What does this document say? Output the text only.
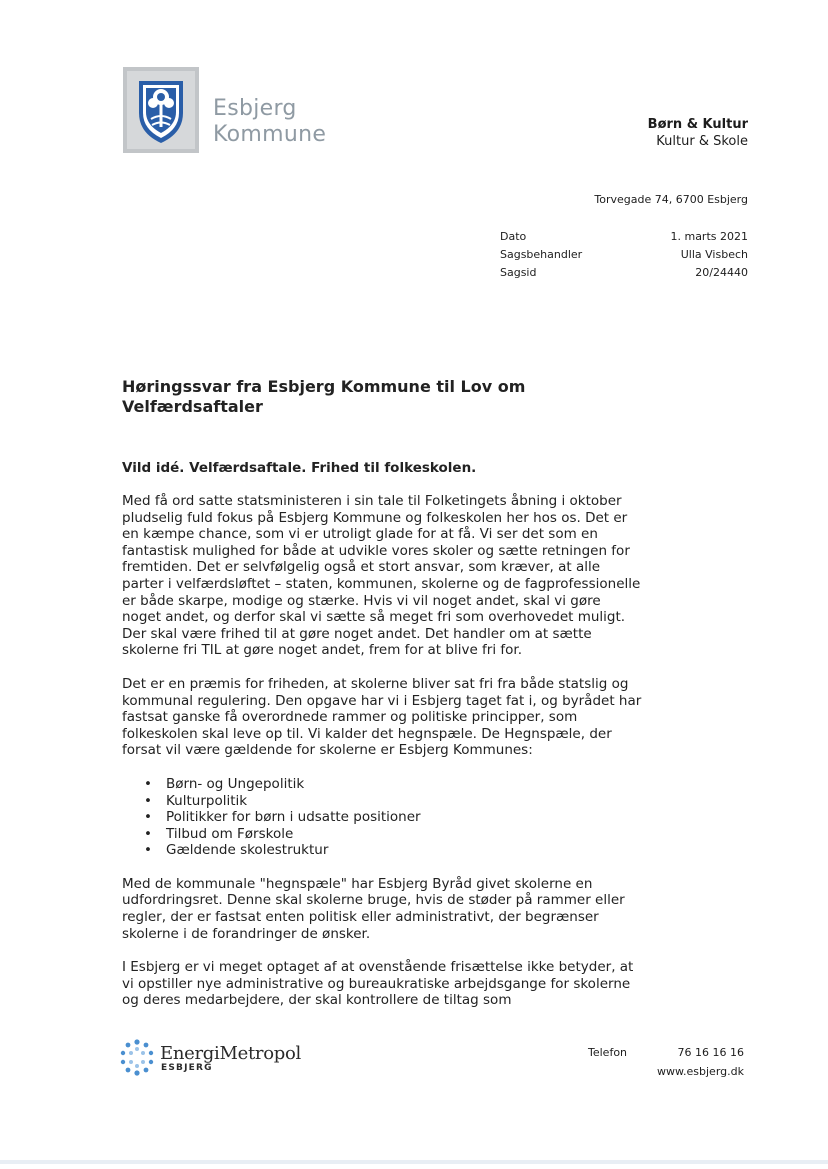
Esbjerg
Kommune	Børn & Kultur
Kultur & Skole
Torvegade 74, 6700 Esbjerg
Dato	1. marts 2021
Sagsbehandler	Ulla Visbech
Sagsid	20/24440
Høringssvar fra Esbjerg Kommune til Lov om Velfærdsaftaler
Vild idé. Velfærdsaftale. Frihed til folkeskolen.

Med få ord satte statsministeren i sin tale til Folketingets åbning i oktober pludselig fuld fokus på Esbjerg Kommune og folkeskolen her hos os. Det er en kæmpe chance, som vi er utroligt glade for at få. Vi ser det som en fantastisk mulighed for både at udvikle vores skoler og sætte retningen for fremtiden. Det er selvfølgelig også et stort ansvar, som kræver, at alle parter i velfærdsløftet – staten, kommunen, skolerne og de fagprofessionelle er både skarpe, modige og stærke. Hvis vi vil noget andet, skal vi gøre noget andet, og derfor skal vi sætte så meget fri som overhovedet muligt. Der skal være frihed til at gøre noget andet. Det handler om at sætte skolerne fri TIL at gøre noget andet, frem for at blive fri for.

Det er en præmis for friheden, at skolerne bliver sat fri fra både statslig og kommunal regulering. Den opgave har vi i Esbjerg taget fat i, og byrådet har fastsat ganske få overordnede rammer og politiske principper, som folkeskolen skal leve op til. Vi kalder det hegnspæle. De Hegnspæle, der forsat vil være gældende for skolerne er Esbjerg Kommunes:

• Børn- og Ungepolitik
• Kulturpolitik
• Politikker for børn i udsatte positioner
• Tilbud om Førskole
• Gældende skolestruktur

Med de kommunale "hegnspæle" har Esbjerg Byråd givet skolerne en udfordringsret. Denne skal skolerne bruge, hvis de støder på rammer eller regler, der er fastsat enten politisk eller administrativt, der begrænser skolerne i de forandringer de ønsker.

I Esbjerg er vi meget optaget af at ovenstående frisættelse ikke betyder, at vi opstiller nye administrative og bureaukratiske arbejdsgange for skolerne og deres medarbejdere, der skal kontrollere de tiltag som

EnergiMetropol
ESBJERG
Telefon	76 16 16 16
www.esbjerg.dk
